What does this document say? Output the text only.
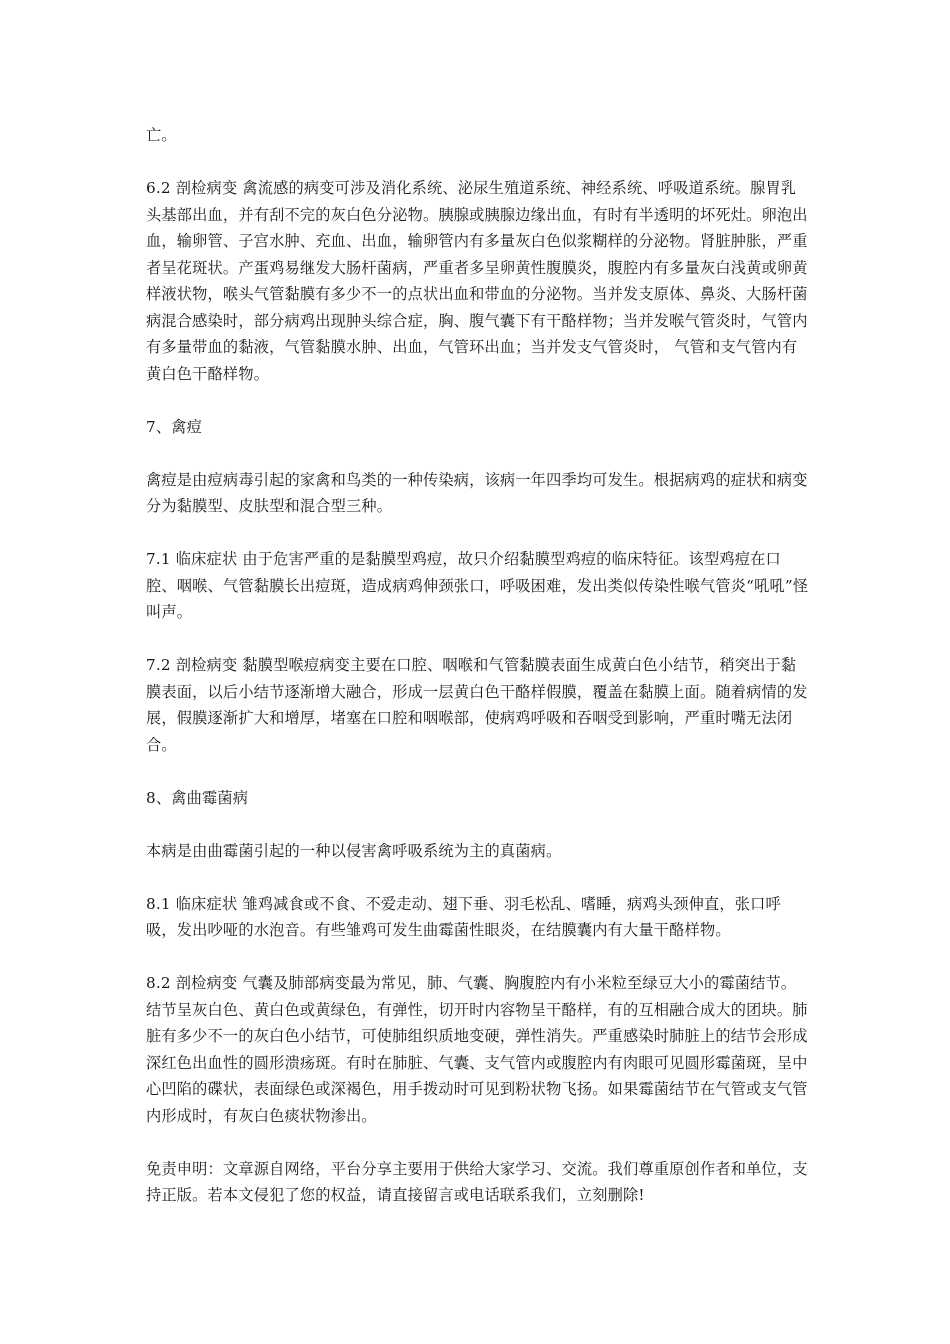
亡。

6.2 剖检病变 禽流感的病变可涉及消化系统、泌尿生殖道系统、神经系统、呼吸道系统。腺胃乳头基部出血，并有刮不完的灰白色分泌物。胰腺或胰腺边缘出血，有时有半透明的坏死灶。卵泡出血，输卵管、子宫水肿、充血、出血，输卵管内有多量灰白色似浆糊样的分泌物。肾脏肿胀，严重者呈花斑状。产蛋鸡易继发大肠杆菌病，严重者多呈卵黄性腹膜炎，腹腔内有多量灰白浅黄或卵黄样液状物，喉头气管黏膜有多少不一的点状出血和带血的分泌物。当并发支原体、鼻炎、大肠杆菌病混合感染时，部分病鸡出现肿头综合症，胸、腹气囊下有干酪样物；当并发喉气管炎时，气管内有多量带血的黏液，气管黏膜水肿、出血，气管环出血；当并发支气管炎时， 气管和支气管内有黄白色干酪样物。

7、禽痘

禽痘是由痘病毒引起的家禽和鸟类的一种传染病，该病一年四季均可发生。根据病鸡的症状和病变分为黏膜型、皮肤型和混合型三种。

7.1 临床症状 由于危害严重的是黏膜型鸡痘，故只介绍黏膜型鸡痘的临床特征。该型鸡痘在口腔、咽喉、气管黏膜长出痘斑，造成病鸡伸颈张口，呼吸困难，发出类似传染性喉气管炎“吼吼”怪叫声。

7.2 剖检病变 黏膜型喉痘病变主要在口腔、咽喉和气管黏膜表面生成黄白色小结节，稍突出于黏膜表面，以后小结节逐渐增大融合，形成一层黄白色干酪样假膜，覆盖在黏膜上面。随着病情的发展，假膜逐渐扩大和增厚，堵塞在口腔和咽喉部，使病鸡呼吸和吞咽受到影响，严重时嘴无法闭合。

8、禽曲霉菌病

本病是由曲霉菌引起的一种以侵害禽呼吸系统为主的真菌病。

8.1 临床症状 雏鸡减食或不食、不爱走动、翅下垂、羽毛松乱、嗜睡，病鸡头颈伸直，张口呼吸，发出吵哑的水泡音。有些雏鸡可发生曲霉菌性眼炎，在结膜囊内有大量干酪样物。

8.2 剖检病变 气囊及肺部病变最为常见，肺、气囊、胸腹腔内有小米粒至绿豆大小的霉菌结节。结节呈灰白色、黄白色或黄绿色，有弹性，切开时内容物呈干酪样，有的互相融合成大的团块。肺脏有多少不一的灰白色小结节，可使肺组织质地变硬，弹性消失。严重感染时肺脏上的结节会形成深红色出血性的圆形溃疡斑。有时在肺脏、气囊、支气管内或腹腔内有肉眼可见圆形霉菌斑，呈中心凹陷的碟状，表面绿色或深褐色，用手拨动时可见到粉状物飞扬。如果霉菌结节在气管或支气管内形成时，有灰白色痰状物渗出。

免责申明：文章源自网络，平台分享主要用于供给大家学习、交流。我们尊重原创作者和单位，支持正版。若本文侵犯了您的权益，请直接留言或电话联系我们，立刻删除!
